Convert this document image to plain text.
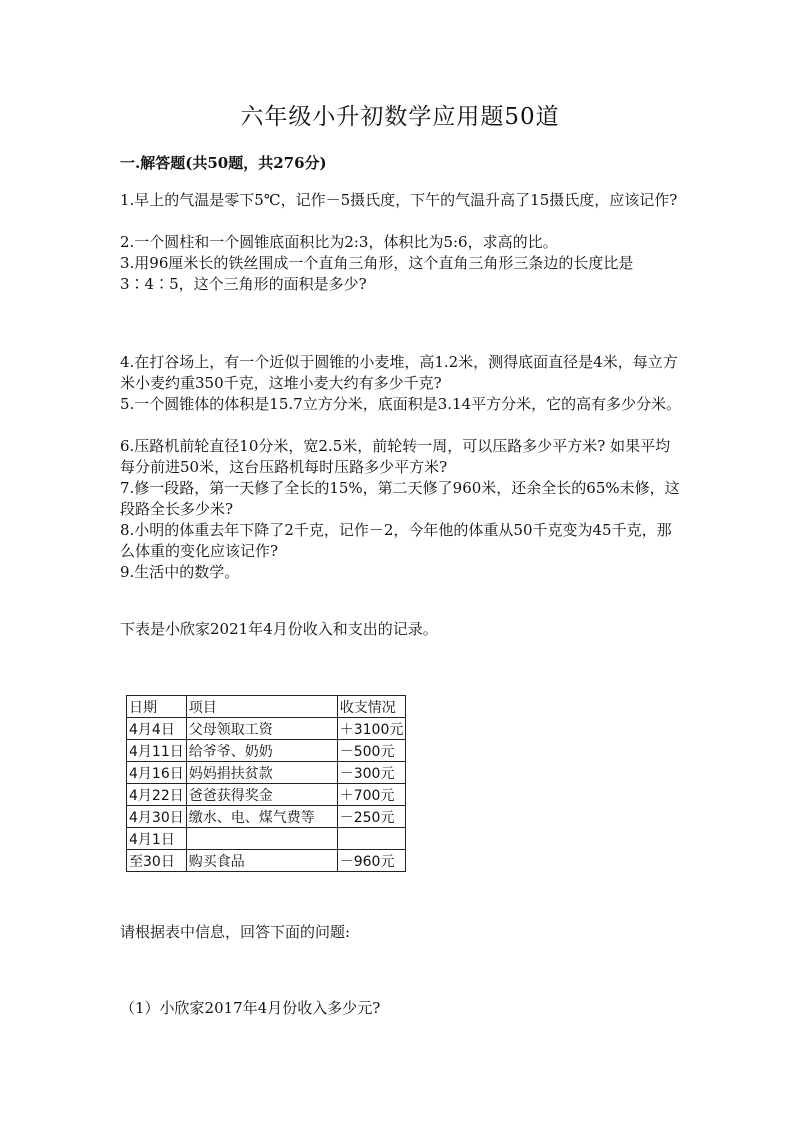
六年级小升初数学应用题50道
一.解答题(共50题，共276分)
1.早上的气温是零下5℃，记作－5摄氏度，下午的气温升高了15摄氏度，应该记作?
2.一个圆柱和一个圆锥底面积比为2:3，体积比为5:6，求高的比。
3.用96厘米长的铁丝围成一个直角三角形，这个直角三角形三条边的长度比是3∶4∶5，这个三角形的面积是多少?
4.在打谷场上，有一个近似于圆锥的小麦堆，高1.2米，测得底面直径是4米，每立方米小麦约重350千克，这堆小麦大约有多少千克?
5.一个圆锥体的体积是15.7立方分米，底面积是3.14平方分米，它的高有多少分米。
6.压路机前轮直径10分米，宽2.5米，前轮转一周，可以压路多少平方米? 如果平均每分前进50米，这台压路机每时压路多少平方米?
7.修一段路，第一天修了全长的15%，第二天修了960米，还余全长的65%未修，这段路全长多少米?
8.小明的体重去年下降了2千克，记作－2，今年他的体重从50千克变为45千克，那么体重的变化应该记作?
9.生活中的数学。
下表是小欣家2021年4月份收入和支出的记录。
日期	项目	收支情况
4月4日	父母领取工资	＋3100元
4月11日	给爷爷、奶奶	－500元
4月16日	妈妈捐扶贫款	－300元
4月22日	爸爸获得奖金	＋700元
4月30日	缴水、电、煤气费等	－250元
4月1日		
至30日	购买食品	－960元
请根据表中信息，回答下面的问题:
（1）小欣家2017年4月份收入多少元?
